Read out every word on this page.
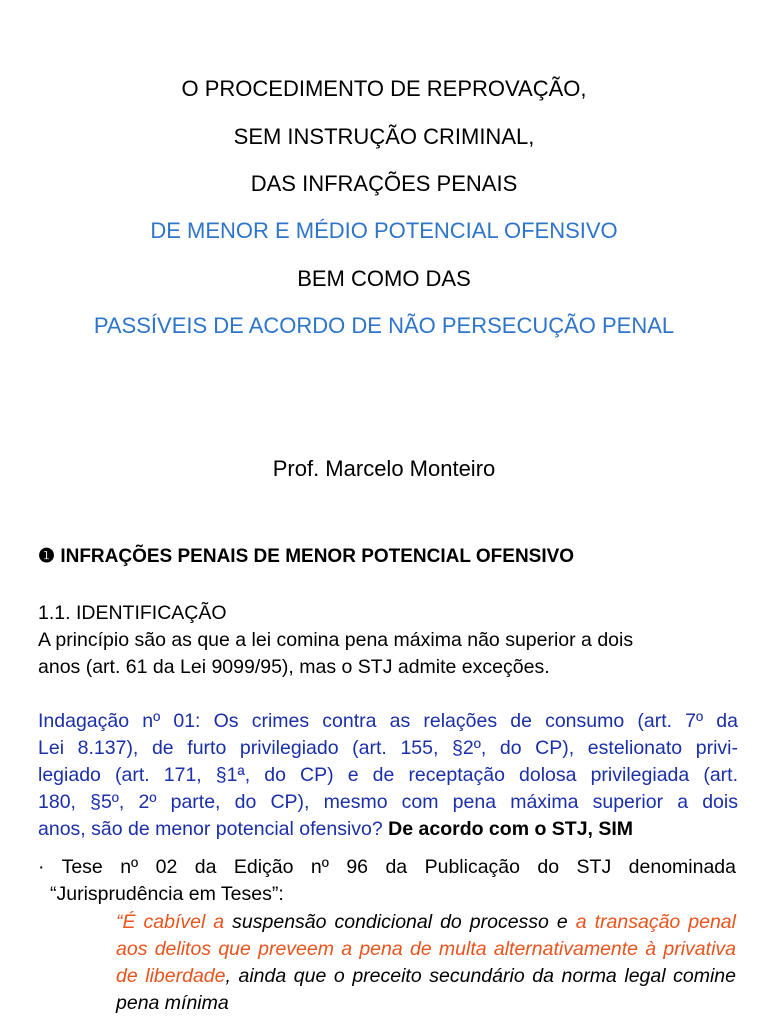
O PROCEDIMENTO DE REPROVAÇÃO,
SEM INSTRUÇÃO CRIMINAL,
DAS INFRAÇÕES PENAIS
DE MENOR E MÉDIO POTENCIAL OFENSIVO
BEM COMO DAS
PASSÍVEIS DE ACORDO DE NÃO PERSECUÇÃO PENAL
Prof. Marcelo Monteiro
❶ INFRAÇÕES PENAIS DE MENOR POTENCIAL OFENSIVO
1.1. IDENTIFICAÇÃO
A princípio são as que a lei comina pena máxima não superior a dois
anos (art. 61 da Lei 9099/95), mas o STJ admite exceções.
Indagação nº 01: Os crimes contra as relações de consumo (art. 7º da
Lei 8.137), de furto privilegiado (art. 155, §2º, do CP), estelionato privi-
legiado (art. 171, §1ª, do CP) e de receptação dolosa privilegiada (art.
180, §5º, 2º parte, do CP), mesmo com pena máxima superior a dois
anos, são de menor potencial ofensivo? De acordo com o STJ, SIM
· Tese nº 02 da Edição nº 96 da Publicação do STJ denominada
“Jurisprudência em Teses”:
“É cabível a suspensão condicional do processo e a transação penal aos delitos que preveem a pena de multa alternativamente à privativa de liberdade, ainda que o preceito secundário da norma legal comine pena mínima
